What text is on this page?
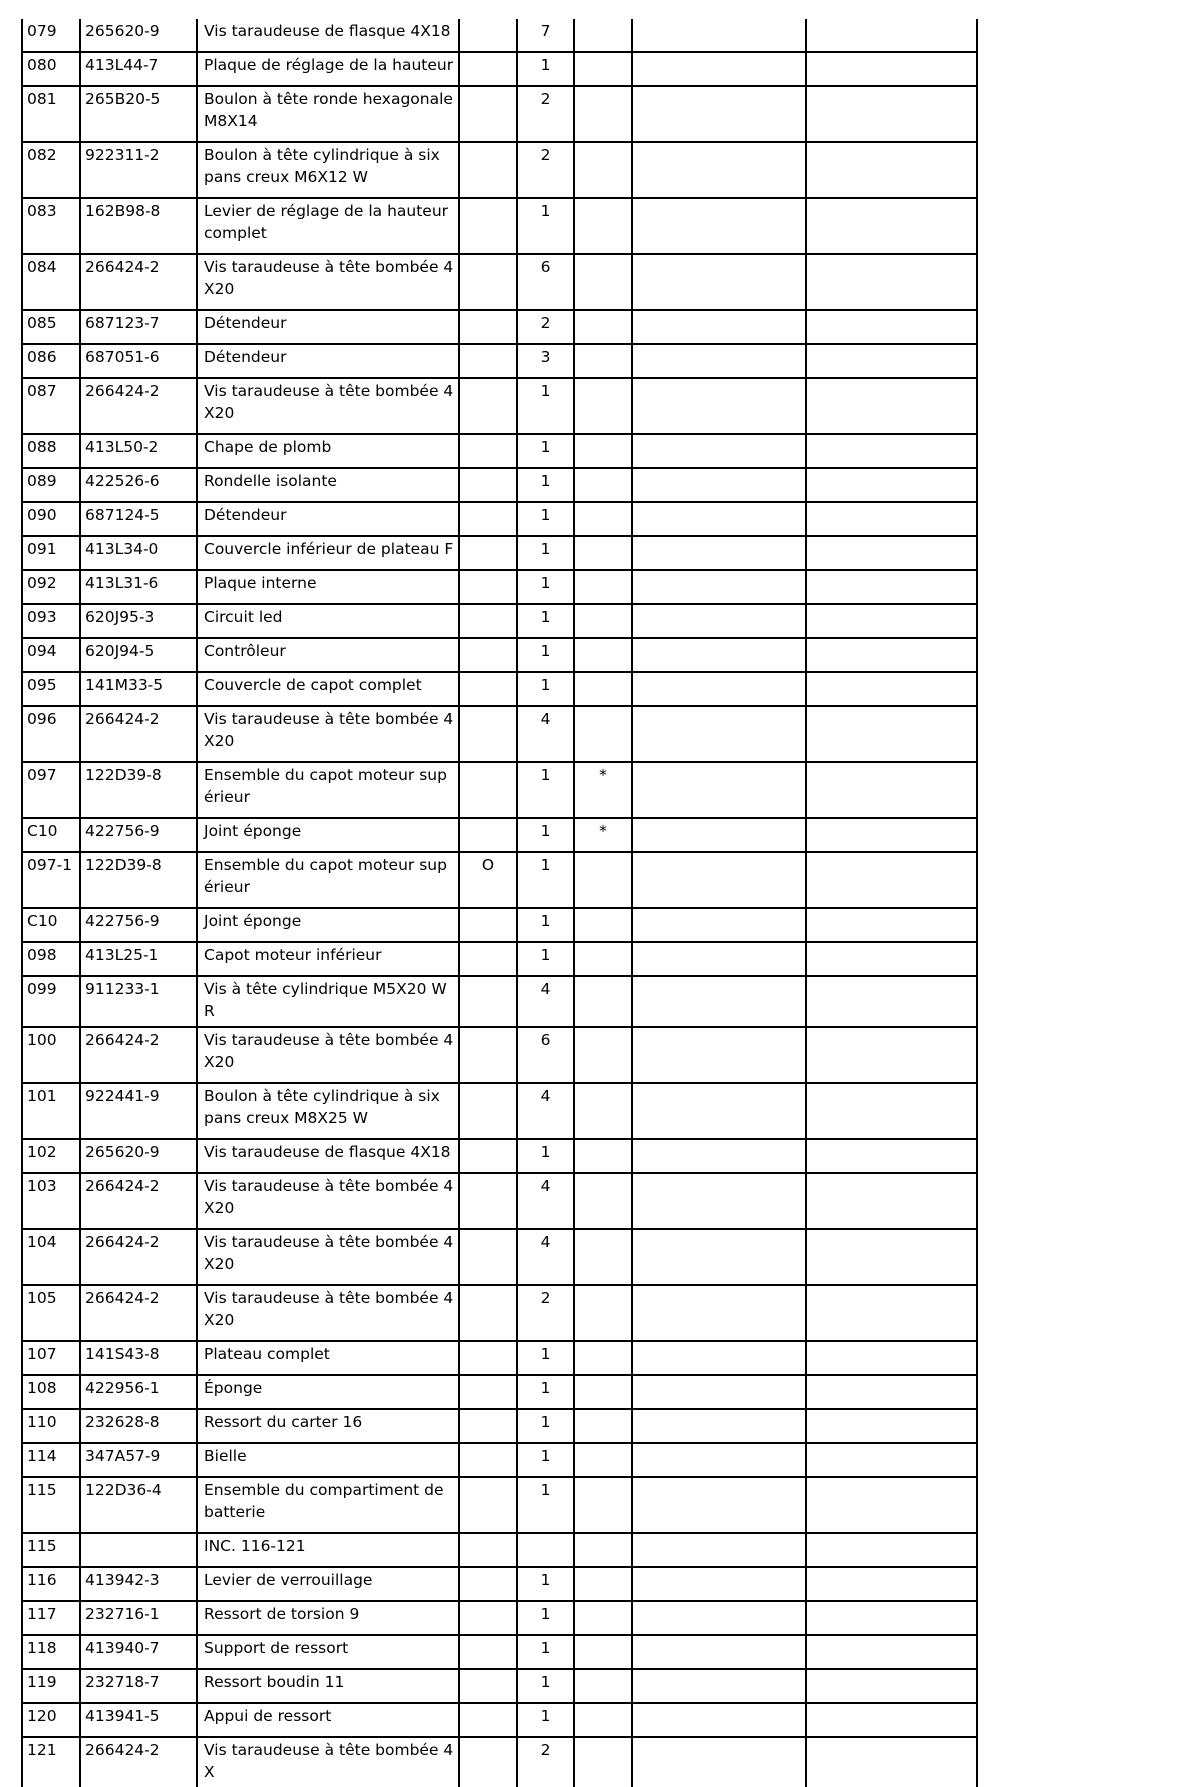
079	265620-9	Vis taraudeuse de flasque 4X18		7			
080	413L44-7	Plaque de réglage de la hauteur		1			
081	265B20-5	Boulon à tête ronde hexagonale M8X14		2			
082	922311-2	Boulon à tête cylindrique à six pans creux M6X12 W		2			
083	162B98-8	Levier de réglage de la hauteur complet		1			
084	266424-2	Vis taraudeuse à tête bombée 4X20		6			
085	687123-7	Détendeur		2			
086	687051-6	Détendeur		3			
087	266424-2	Vis taraudeuse à tête bombée 4X20		1			
088	413L50-2	Chape de plomb		1			
089	422526-6	Rondelle isolante		1			
090	687124-5	Détendeur		1			
091	413L34-0	Couvercle inférieur de plateau F		1			
092	413L31-6	Plaque interne		1			
093	620J95-3	Circuit led		1			
094	620J94-5	Contrôleur		1			
095	141M33-5	Couvercle de capot complet		1			
096	266424-2	Vis taraudeuse à tête bombée 4X20		4			
097	122D39-8	Ensemble du capot moteur supérieur		1	*		
C10	422756-9	Joint éponge		1	*		
097-1	122D39-8	Ensemble du capot moteur supérieur	O	1			
C10	422756-9	Joint éponge		1			
098	413L25-1	Capot moteur inférieur		1			
099	911233-1	Vis à tête cylindrique M5X20 WR		4			
100	266424-2	Vis taraudeuse à tête bombée 4X20		6			
101	922441-9	Boulon à tête cylindrique à six pans creux M8X25 W		4			
102	265620-9	Vis taraudeuse de flasque 4X18		1			
103	266424-2	Vis taraudeuse à tête bombée 4X20		4			
104	266424-2	Vis taraudeuse à tête bombée 4X20		4			
105	266424-2	Vis taraudeuse à tête bombée 4X20		2			
107	141S43-8	Plateau complet		1			
108	422956-1	Éponge		1			
110	232628-8	Ressort du carter 16		1			
114	347A57-9	Bielle		1			
115	122D36-4	Ensemble du compartiment de batterie		1			
115		INC. 116-121					
116	413942-3	Levier de verrouillage		1			
117	232716-1	Ressort de torsion 9		1			
118	413940-7	Support de ressort		1			
119	232718-7	Ressort boudin 11		1			
120	413941-5	Appui de ressort		1			
121	266424-2	Vis taraudeuse à tête bombée 4X		2			
